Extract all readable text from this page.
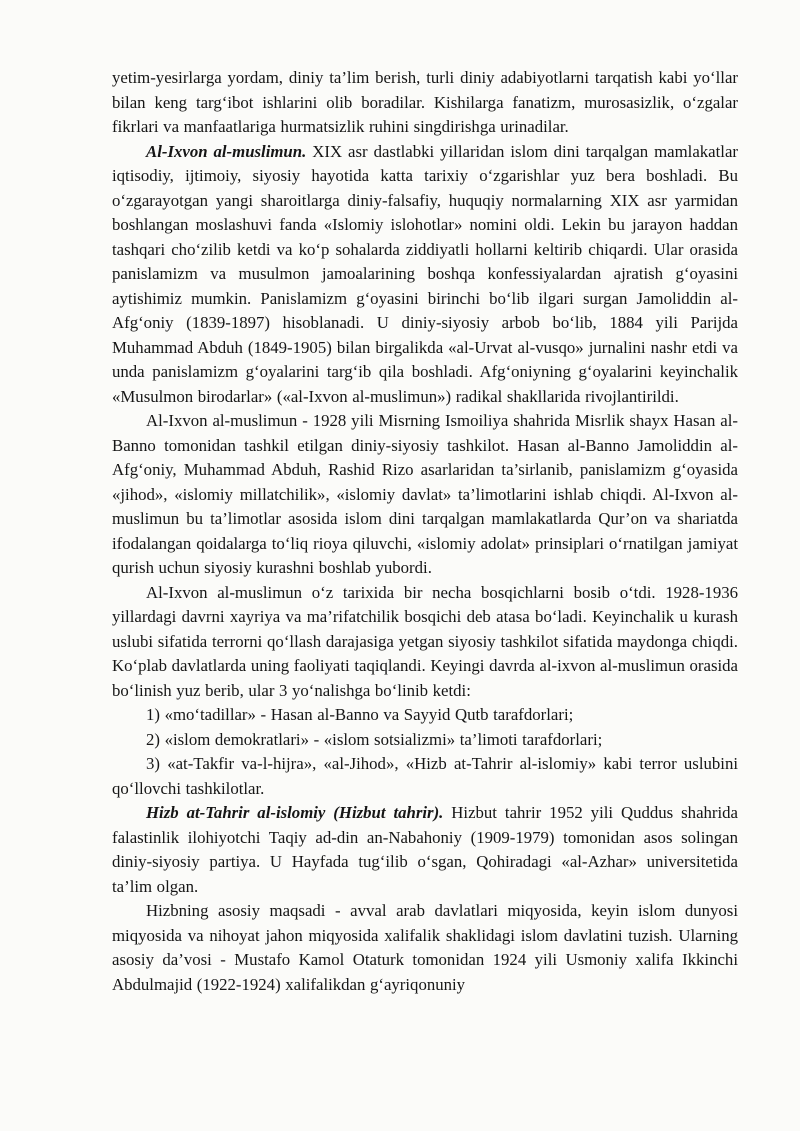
yetim-yesirlarga yordam, diniy ta’lim berish, turli diniy adabiyotlarni tarqatish kabi yo‘llar bilan keng targ‘ibot ishlarini olib boradilar. Kishilarga fanatizm, murosasizlik, o‘zgalar fikrlari va manfaatlariga hurmatsizlik ruhini singdirishga urinadilar.

Al-Ixvon al-muslimun. XIX asr dastlabki yillaridan islom dini tarqalgan mamlakatlar iqtisodiy, ijtimoiy, siyosiy hayotida katta tarixiy o‘zgarishlar yuz bera boshladi. Bu o‘zgarayotgan yangi sharoitlarga diniy-falsafiy, huquqiy normalarning XIX asr yarmidan boshlangan moslashuvi fanda «Islomiy islohotlar» nomini oldi. Lekin bu jarayon haddan tashqari cho‘zilib ketdi va ko‘p sohalarda ziddiyatli hollarni keltirib chiqardi. Ular orasida panislamizm va musulmon jamoalarining boshqa konfessiyalardan ajratish g‘oyasini aytishimiz mumkin. Panislamizm g‘oyasini birinchi bo‘lib ilgari surgan Jamoliddin al-Afg‘oniy (1839-1897) hisoblanadi. U diniy-siyosiy arbob bo‘lib, 1884 yili Parijda Muhammad Abduh (1849-1905) bilan birgalikda «al-Urvat al-vusqo» jurnalini nashr etdi va unda panislamizm g‘oyalarini targ‘ib qila boshladi. Afg‘oniyning g‘oyalarini keyinchalik «Musulmon birodarlar» («al-Ixvon al-muslimun») radikal shakllarida rivojlantirildi.

Al-Ixvon al-muslimun - 1928 yili Misrning Ismoiliya shahrida Misrlik shayx Hasan al-Banno tomonidan tashkil etilgan diniy-siyosiy tashkilot. Hasan al-Banno Jamoliddin al-Afg‘oniy, Muhammad Abduh, Rashid Rizo asarlaridan ta’sirlanib, panislamizm g‘oyasida «jihod», «islomiy millatchilik», «islomiy davlat» ta’limotlarini ishlab chiqdi. Al-Ixvon al-muslimun bu ta’limotlar asosida islom dini tarqalgan mamlakatlarda Qur’on va shariatda ifodalangan qoidalarga to‘liq rioya qiluvchi, «islomiy adolat» prinsiplari o‘rnatilgan jamiyat qurish uchun siyosiy kurashni boshlab yubordi.

Al-Ixvon al-muslimun o‘z tarixida bir necha bosqichlarni bosib o‘tdi. 1928-1936 yillardagi davrni xayriya va ma’rifatchilik bosqichi deb atasa bo‘ladi. Keyinchalik u kurash uslubi sifatida terrorni qo‘llash darajasiga yetgan siyosiy tashkilot sifatida maydonga chiqdi. Ko‘plab davlatlarda uning faoliyati taqiqlandi. Keyingi davrda al-ixvon al-muslimun orasida bo‘linish yuz berib, ular 3 yo‘nalishga bo‘linib ketdi:

1) «mo‘tadillar» - Hasan al-Banno va Sayyid Qutb tarafdorlari;

2) «islom demokratlari» - «islom sotsializmi» ta’limoti tarafdorlari;

3) «at-Takfir va-l-hijra», «al-Jihod», «Hizb at-Tahrir al-islomiy» kabi terror uslubini qo‘llovchi tashkilotlar.

Hizb at-Tahrir al-islomiy (Hizbut tahrir). Hizbut tahrir 1952 yili Quddus shahrida falastinlik ilohiyotchi Taqiy ad-din an-Nabahoniy (1909-1979) tomonidan asos solingan diniy-siyosiy partiya. U Hayfada tug‘ilib o‘sgan, Qohiradagi «al-Azhar» universitetida ta’lim olgan.

Hizbning asosiy maqsadi - avval arab davlatlari miqyosida, keyin islom dunyosi miqyosida va nihoyat jahon miqyosida xalifalik shaklidagi islom davlatini tuzish. Ularning asosiy da’vosi - Mustafo Kamol Otaturk tomonidan 1924 yili Usmoniy xalifa Ikkinchi Abdulmajid (1922-1924) xalifalikdan g‘ayriqonuniy
